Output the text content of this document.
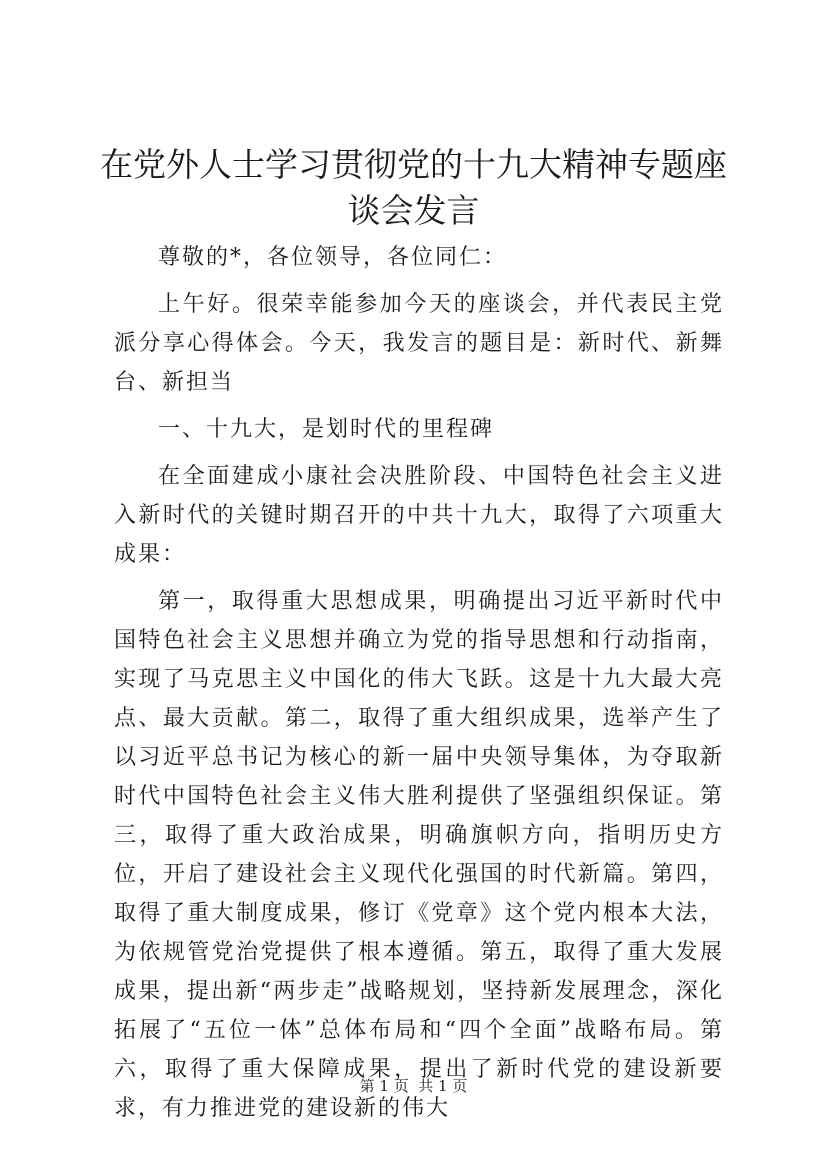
在党外人士学习贯彻党的十九大精神专题座谈会发言

尊敬的*，各位领导，各位同仁：

上午好。很荣幸能参加今天的座谈会，并代表民主党派分享心得体会。今天，我发言的题目是：新时代、新舞台、新担当

一、十九大，是划时代的里程碑

在全面建成小康社会决胜阶段、中国特色社会主义进入新时代的关键时期召开的中共十九大，取得了六项重大成果：

第一，取得重大思想成果，明确提出习近平新时代中国特色社会主义思想并确立为党的指导思想和行动指南，实现了马克思主义中国化的伟大飞跃。这是十九大最大亮点、最大贡献。第二，取得了重大组织成果，选举产生了以习近平总书记为核心的新一届中央领导集体，为夺取新时代中国特色社会主义伟大胜利提供了坚强组织保证。第三，取得了重大政治成果，明确旗帜方向，指明历史方位，开启了建设社会主义现代化强国的时代新篇。第四，取得了重大制度成果，修订《党章》这个党内根本大法，为依规管党治党提供了根本遵循。第五，取得了重大发展成果，提出新“两步走”战略规划，坚持新发展理念，深化拓展了“五位一体”总体布局和“四个全面”战略布局。第六，取得了重大保障成果，提出了新时代党的建设新要求，有力推进党的建设新的伟大

第 1 页  共 1 页
